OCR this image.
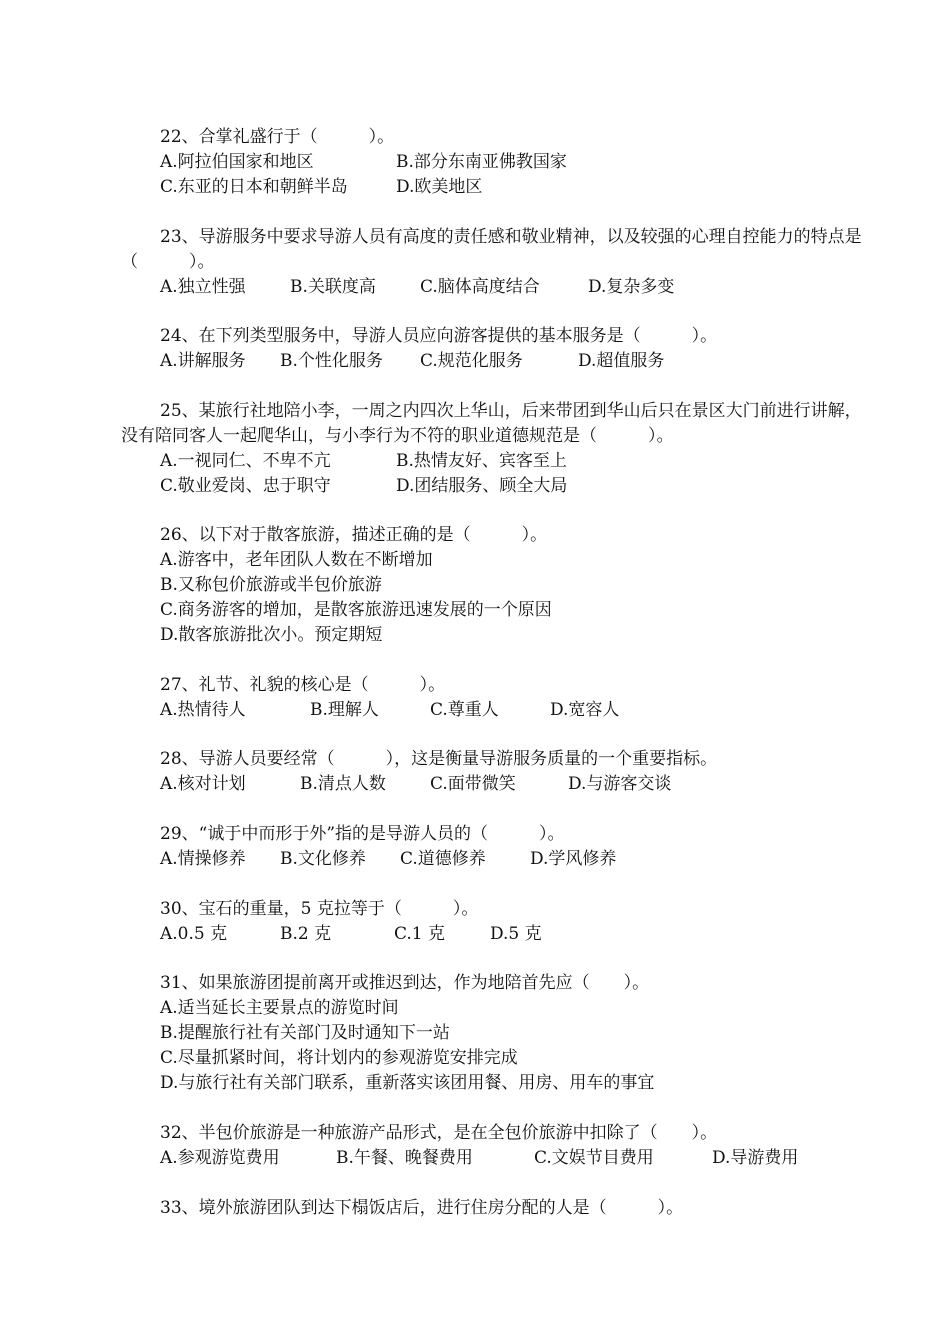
22、合掌礼盛行于（　　　）。

A.阿拉伯国家和地区	B.部分东南亚佛教国家
C.东亚的日本和朝鲜半岛	D.欧美地区

23、导游服务中要求导游人员有高度的责任感和敬业精神，以及较强的心理自控能力的特点是（　　　）。

A.独立性强	B.关联度高	C.脑体高度结合	D.复杂多变

24、在下列类型服务中，导游人员应向游客提供的基本服务是（　　　）。

A.讲解服务 B.个性化服务 C.规范化服务	D.超值服务

25、某旅行社地陪小李，一周之内四次上华山，后来带团到华山后只在景区大门前进行讲解，没有陪同客人一起爬华山，与小李行为不符的职业道德规范是（　　　）。

A.一视同仁、不卑不亢	B.热情友好、宾客至上
C.敬业爱岗、忠于职守	D.团结服务、顾全大局

26、以下对于散客旅游，描述正确的是（　　　）。

A.游客中，老年团队人数在不断增加

B.又称包价旅游或半包价旅游

C.商务游客的增加，是散客旅游迅速发展的一个原因

D.散客旅游批次小。预定期短

27、礼节、礼貌的核心是（　　　）。

A.热情待人	B.理解人	C.尊重人	D.宽容人

28、导游人员要经常（　　　），这是衡量导游服务质量的一个重要指标。

A.核对计划	B.清点人数	C.面带微笑	D.与游客交谈

29、“诚于中而形于外”指的是导游人员的（　　　）。

A.情操修养 B.文化修养 C.道德修养	D.学风修养

30、宝石的重量，5 克拉等于（　　　）。

A.0.5 克	B.2 克	C.1 克	D.5 克

31、如果旅游团提前离开或推迟到达，作为地陪首先应（　　）。

A.适当延长主要景点的游览时间

B.提醒旅行社有关部门及时通知下一站

C.尽量抓紧时间，将计划内的参观游览安排完成

D.与旅行社有关部门联系，重新落实该团用餐、用房、用车的事宜

32、半包价旅游是一种旅游产品形式，是在全包价旅游中扣除了（　　）。

A.参观游览费用	B.午餐、晚餐费用	C.文娱节目费用	D.导游费用

33、境外旅游团队到达下榻饭店后，进行住房分配的人是（　　　）。
